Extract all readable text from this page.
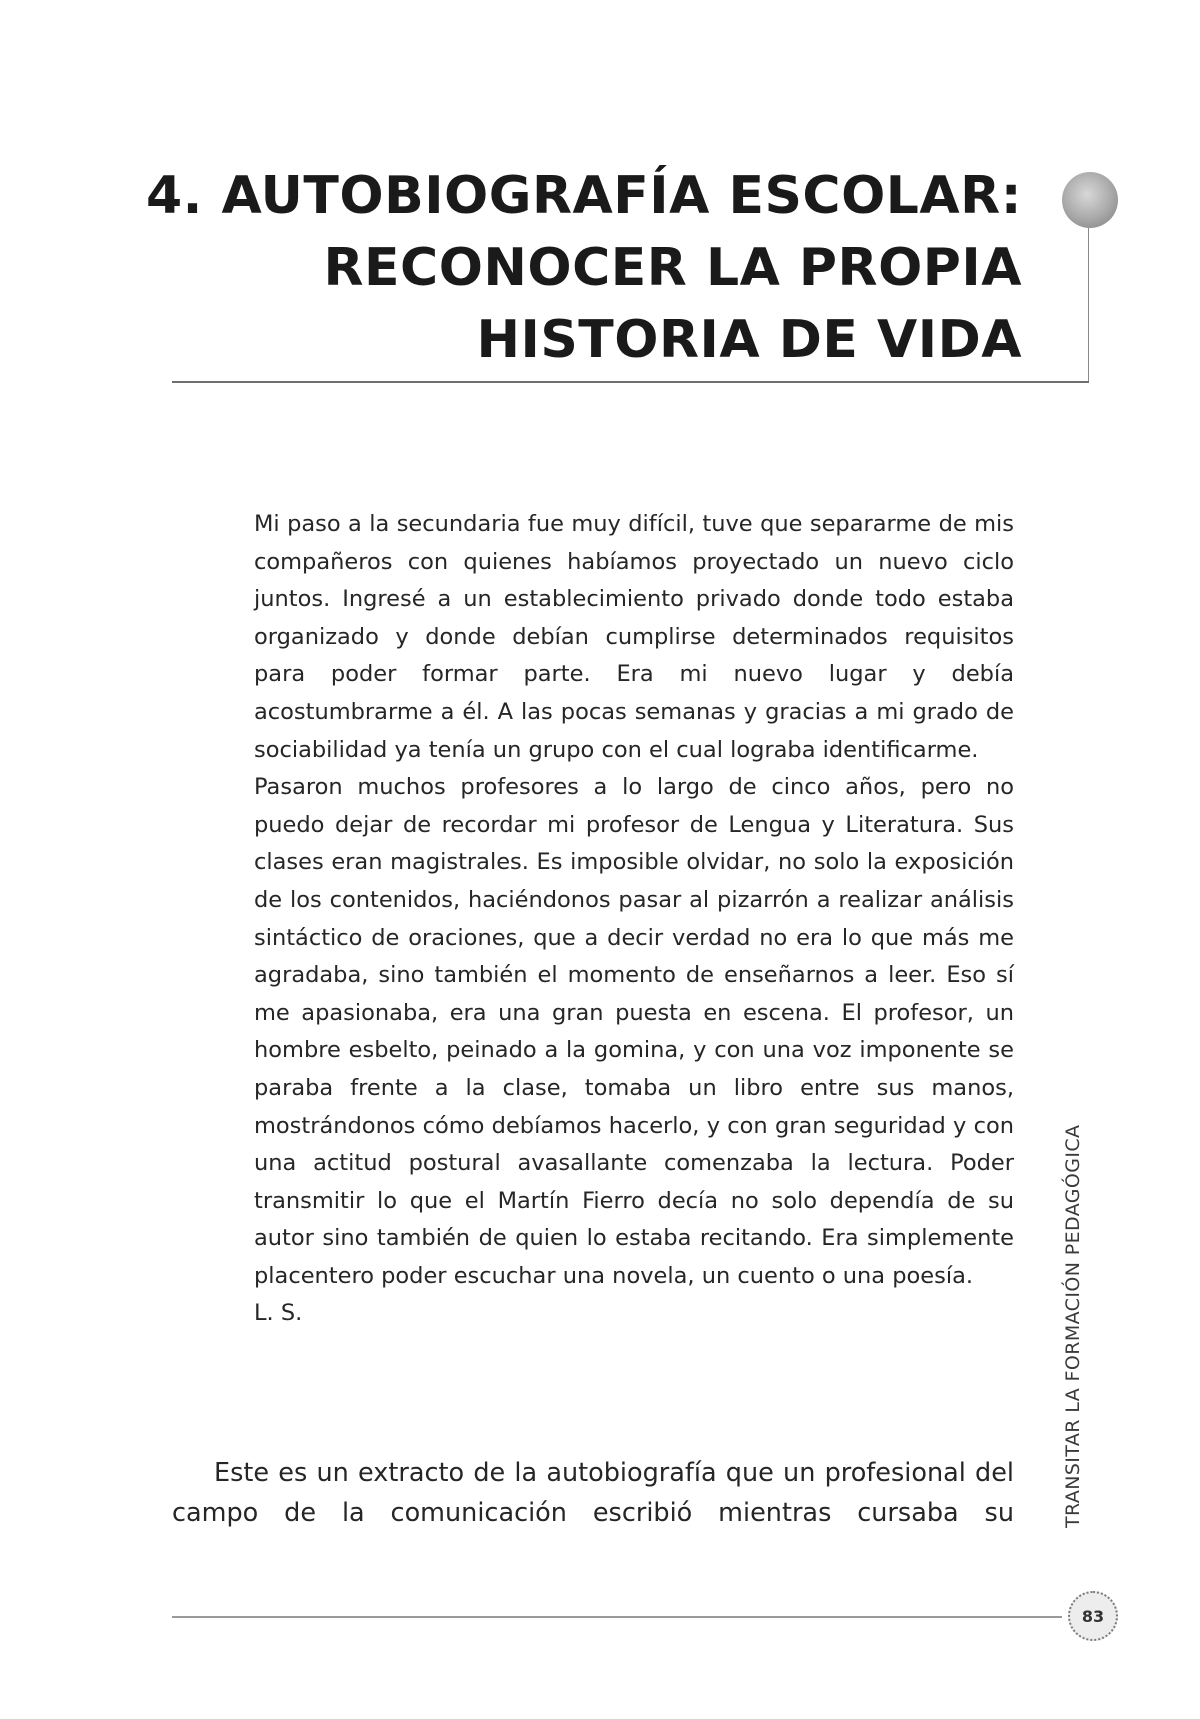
4. AUTOBIOGRAFÍA ESCOLAR:
RECONOCER LA PROPIA
HISTORIA DE VIDA

Mi paso a la secundaria fue muy difícil, tuve que separarme de mis compañeros con quienes habíamos proyectado un nuevo ciclo juntos. Ingresé a un establecimiento privado donde todo estaba organizado y donde debían cumplirse determinados requisitos para poder formar parte. Era mi nuevo lugar y debía acostumbrarme a él. A las pocas semanas y gracias a mi grado de sociabilidad ya tenía un grupo con el cual lograba identificarme.

Pasaron muchos profesores a lo largo de cinco años, pero no puedo dejar de recordar mi profesor de Lengua y Literatura. Sus clases eran magistrales. Es imposible olvidar, no solo la exposición de los contenidos, haciéndonos pasar al pizarrón a realizar análisis sintáctico de oraciones, que a decir verdad no era lo que más me agradaba, sino también el momento de enseñarnos a leer. Eso sí me apasionaba, era una gran puesta en escena. El profesor, un hombre esbelto, peinado a la gomina, y con una voz imponente se paraba frente a la clase, tomaba un libro entre sus manos, mostrándonos cómo debíamos hacerlo, y con gran seguridad y con una actitud postural avasallante comenzaba la lectura. Poder transmitir lo que el Martín Fierro decía no solo dependía de su autor sino también de quien lo estaba recitando. Era simplemente placentero poder escuchar una novela, un cuento o una poesía.

L. S.

Este es un extracto de la autobiografía que un profesional del campo de la comunicación escribió mientras cursaba su	TRANSITAR LA FORMACIÓN PEDAGÓGICA
83
